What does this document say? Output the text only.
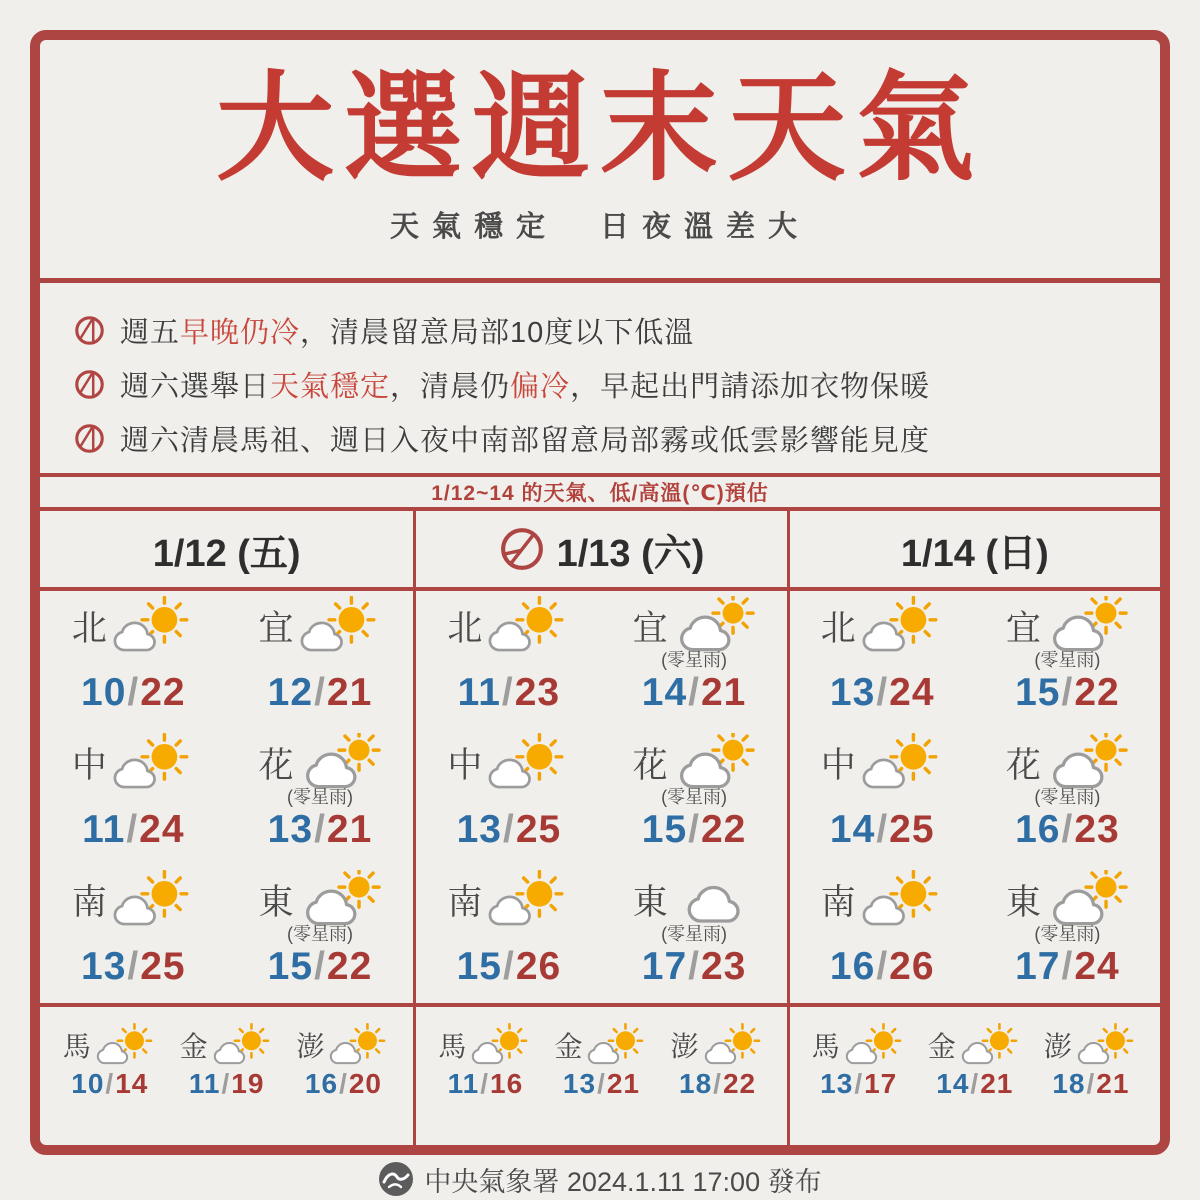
大選週末天氣
天氣穩定　日夜溫差大
週五早晚仍冷，清晨留意局部10度以下低溫
週六選舉日天氣穩定，清晨仍偏冷，早起出門請添加衣物保暖
週六清晨馬祖、週日入夜中南部留意局部霧或低雲影響能見度
1/12~14 的天氣、低/高溫(℃)預估
1/12 (五)
北

10/22
宜

12/21
中

11/24
花
(零星雨)
13/21
南

13/25
東
(零星雨)
15/22
馬
10/14
金
11/19
澎
16/20
1/13 (六)
北

11/23
宜
(零星雨)
14/21
中

13/25
花
(零星雨)
15/22
南

15/26
東
(零星雨)
17/23
馬
11/16
金
13/21
澎
18/22
1/14 (日)
北

13/24
宜
(零星雨)
15/22
中

14/25
花
(零星雨)
16/23
南

16/26
東
(零星雨)
17/24
馬
13/17
金
14/21
澎
18/21
中央氣象署 2024.1.11 17:00 發布
